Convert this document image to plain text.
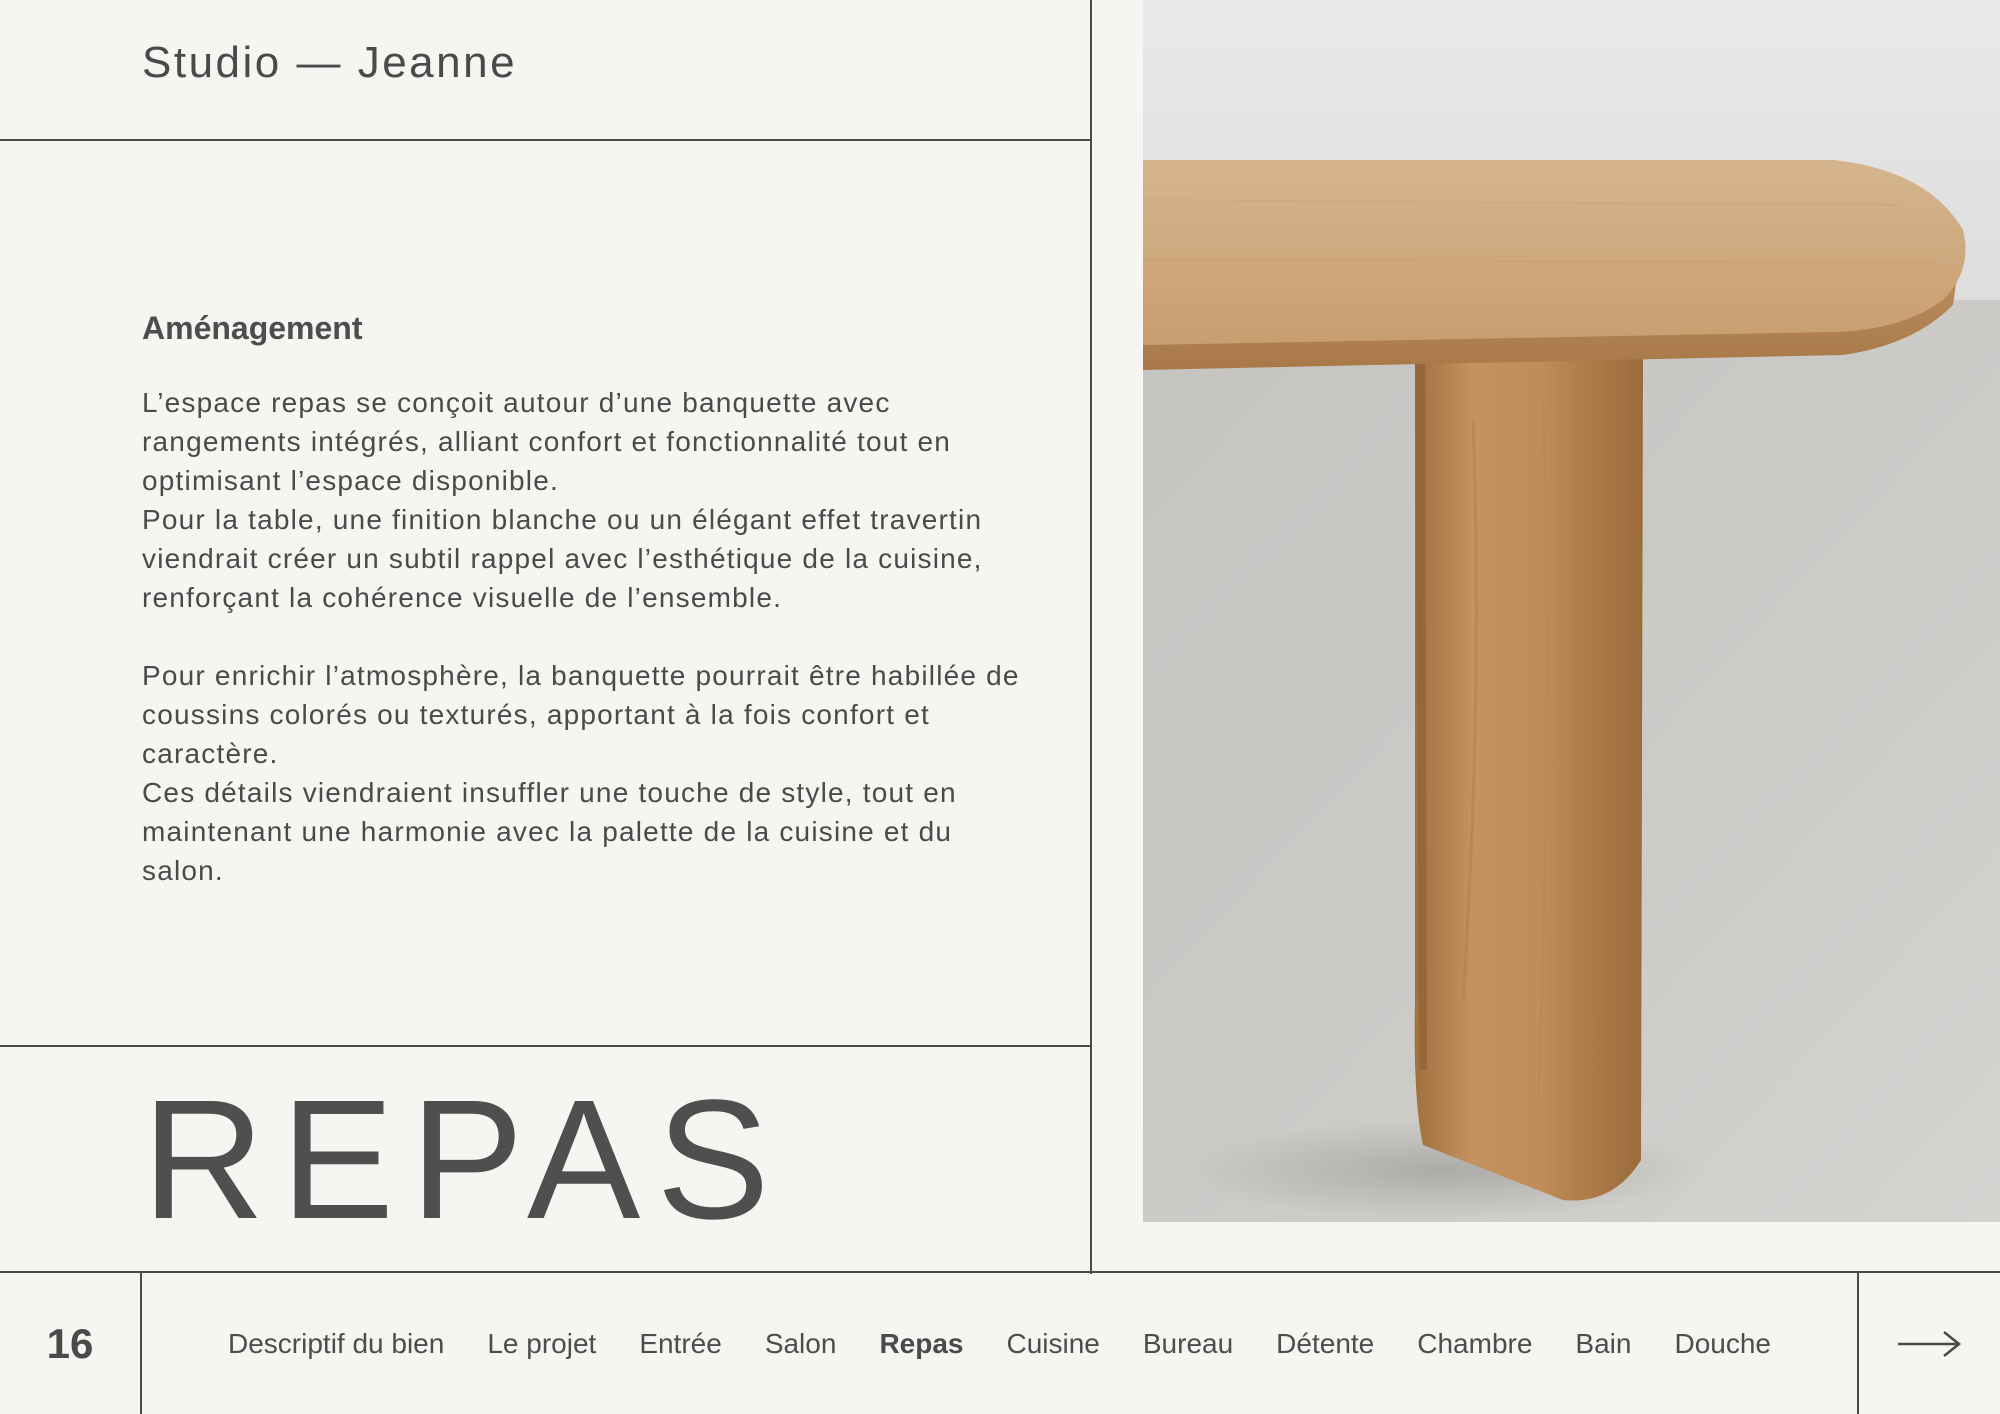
Studio — Jeanne
Aménagement

L’espace repas se conçoit autour d’une banquette avec rangements intégrés, alliant confort et fonctionnalité tout en optimisant l’espace disponible.

Pour la table, une finition blanche ou un élégant effet travertin viendrait créer un subtil rappel avec l’esthétique de la cuisine, renforçant la cohérence visuelle de l’ensemble.

Pour enrichir l’atmosphère, la banquette pourrait être habillée de coussins colorés ou texturés, apportant à la fois confort et caractère.

Ces détails viendraient insuffler une touche de style, tout en maintenant une harmonie avec la palette de la cuisine et du salon.

REPAS
16	Descriptif du bien Le projet Entrée Salon Repas Cuisine Bureau Détente Chambre Bain Douche
